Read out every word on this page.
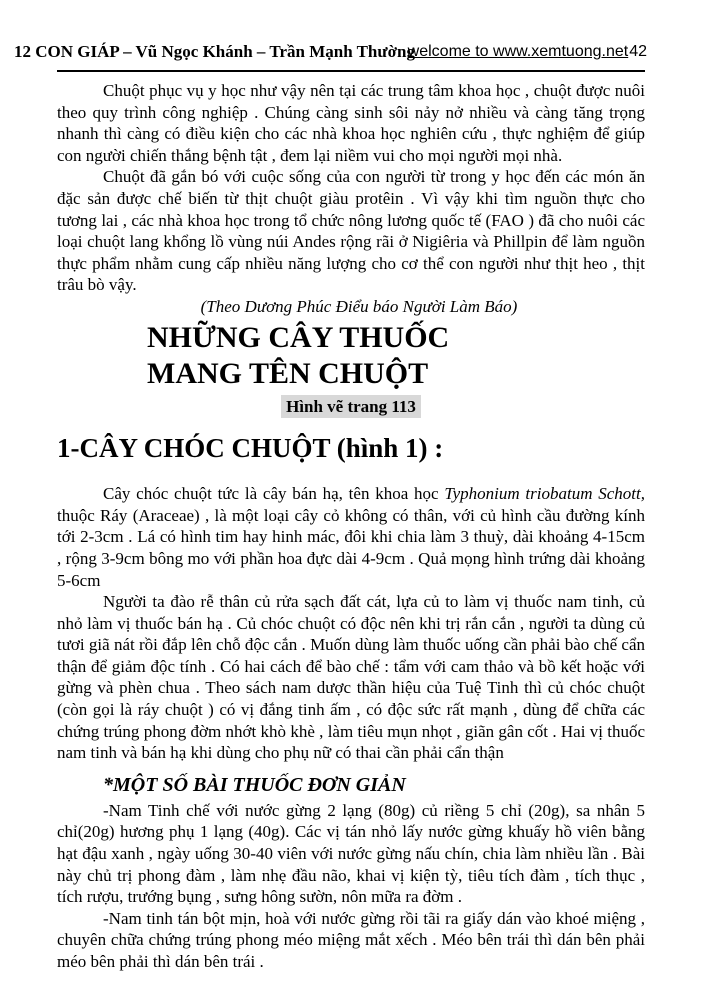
12 CON GIÁP – Vũ Ngọc Khánh – Trần Mạnh Thường
welcome to www.xemtuong.net 42

Chuột phục vụ y học như vậy nên tại các trung tâm khoa học , chuột được nuôi theo quy trình công nghiệp . Chúng càng sinh sôi nảy nở nhiều và càng tăng trọng nhanh thì càng có điều kiện cho các nhà khoa học nghiên cứu , thực nghiệm để giúp con người chiến thắng bệnh tật , đem lại niềm vui cho mọi người mọi nhà.

Chuột đã gắn bó với cuộc sống của con người từ trong y học đến các món ăn đặc sản được chế biến từ thịt chuột giàu protêin . Vì vậy khi tìm nguồn thực cho tương lai , các nhà khoa học trong tổ chức nông lương quốc tế (FAO ) đã cho nuôi các loại chuột lang khổng lồ vùng núi Andes rộng rãi ở Nigiêria và Phillpin để làm nguồn thực phẩm nhằm cung cấp nhiều năng lượng cho cơ thể con người như thịt heo , thịt trâu bò vậy.

(Theo Dương Phúc Điểu báo Người Làm Báo)

NHỮNG CÂY THUỐC
MANG TÊN CHUỘT
Hình vẽ trang 113
1-CÂY CHÓC CHUỘT (hình 1) :

Cây chóc chuột tức là cây bán hạ, tên khoa học Typhonium triobatum Schott, thuộc Ráy (Araceae) , là một loại cây cỏ không có thân, với củ hình cầu đường kính tới 2-3cm . Lá có hình tim hay hinh mác, đôi khi chia làm 3 thuỳ, dài khoảng 4-15cm , rộng 3-9cm bông mo với phần hoa đực dài 4-9cm . Quả mọng hình trứng dài khoảng 5-6cm

Người ta đào rễ thân củ rửa sạch đất cát, lựa củ to làm vị thuốc nam tinh, củ nhỏ làm vị thuốc bán hạ . Củ chóc chuột có độc nên khi trị rắn cắn , người ta dùng củ tươi giã nát rồi đắp lên chỗ độc cắn . Muốn dùng làm thuốc uống cần phải bào chế cẩn thận để giảm độc tính . Có hai cách để bào chế : tẩm với cam thảo và bồ kết hoặc với gừng và phèn chua . Theo sách nam dược thần hiệu của Tuệ Tinh thì củ chóc chuột (còn gọi là ráy chuột ) có vị đắng tinh ấm , có độc sức rất mạnh , dùng để chữa các chứng trúng phong đờm nhớt khò khè , làm tiêu mụn nhọt , giãn gân cốt . Hai vị thuốc nam tinh và bán hạ khi dùng cho phụ nữ có thai cần phải cẩn thận

*MỘT SỐ BÀI THUỐC ĐƠN GIẢN

-Nam Tinh chế với nước gừng 2 lạng (80g) củ riềng 5 chỉ (20g), sa nhân 5 chỉ(20g) hương phụ 1 lạng (40g). Các vị tán nhỏ lấy nước gừng khuấy hồ viên bằng hạt đậu xanh , ngày uống 30-40 viên với nước gừng nấu chín, chia làm nhiều lần . Bài này chủ trị phong đàm , làm nhẹ đầu não, khai vị kiện tỳ, tiêu tích đàm , tích thục , tích rượu, trướng bụng , sưng hông sườn, nôn mữa ra đờm .

-Nam tinh tán bột mịn, hoà với nước gừng rồi tãi ra giấy dán vào khoé miệng , chuyên chữa chứng trúng phong méo miệng mắt xếch . Méo bên trái thì dán bên phải méo bên phải thì dán bên trái .
